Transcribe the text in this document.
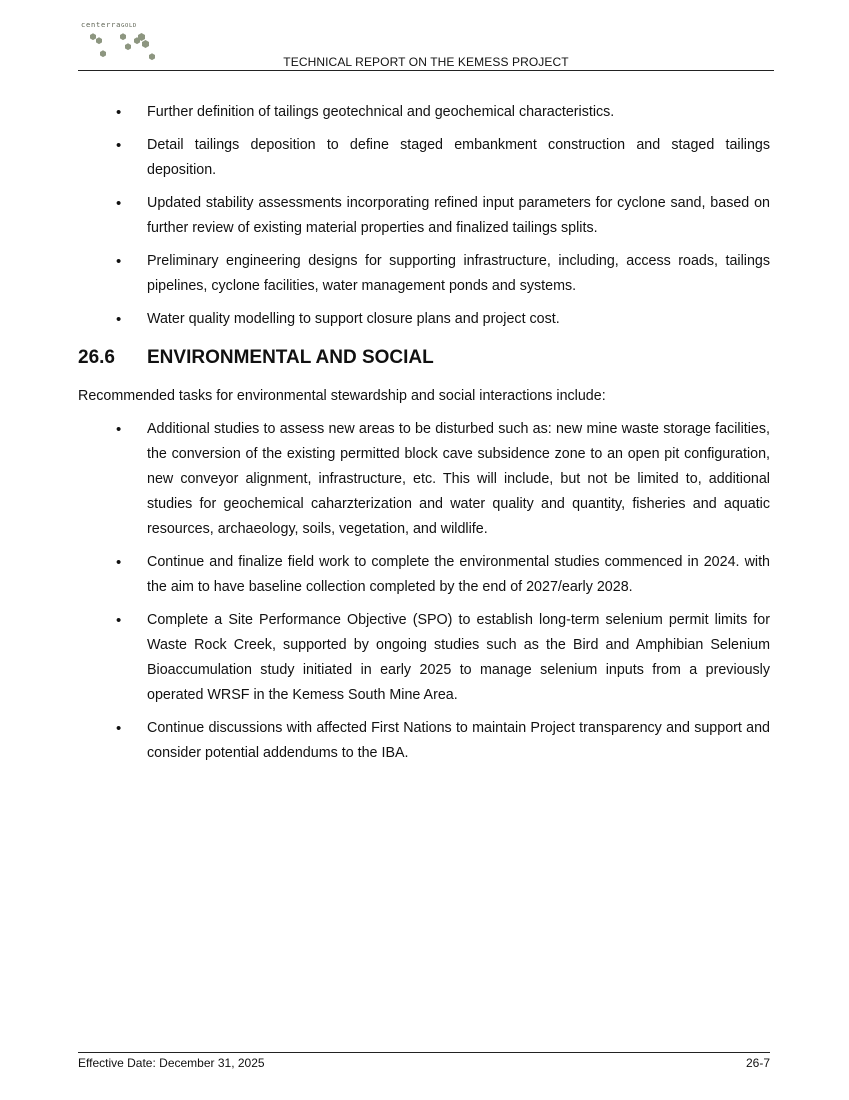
centerraGOLD
TECHNICAL REPORT ON THE KEMESS PROJECT
• Further definition of tailings geotechnical and geochemical characteristics.
• Detail tailings deposition to define staged embankment construction and staged tailings deposition.
• Updated stability assessments incorporating refined input parameters for cyclone sand, based on further review of existing material properties and finalized tailings splits.
• Preliminary engineering designs for supporting infrastructure, including, access roads, tailings pipelines, cyclone facilities, water management ponds and systems.
• Water quality modelling to support closure plans and project cost.
26.6 ENVIRONMENTAL AND SOCIAL

Recommended tasks for environmental stewardship and social interactions include:

• Additional studies to assess new areas to be disturbed such as: new mine waste storage facilities, the conversion of the existing permitted block cave subsidence zone to an open pit configuration, new conveyor alignment, infrastructure, etc. This will include, but not be limited to, additional studies for geochemical caharzterization and water quality and quantity, fisheries and aquatic resources, archaeology, soils, vegetation, and wildlife.
• Continue and finalize field work to complete the environmental studies commenced in 2024. with the aim to have baseline collection completed by the end of 2027/early 2028.
• Complete a Site Performance Objective (SPO) to establish long-term selenium permit limits for Waste Rock Creek, supported by ongoing studies such as the Bird and Amphibian Selenium Bioaccumulation study initiated in early 2025 to manage selenium inputs from a previously operated WRSF in the Kemess South Mine Area.
• Continue discussions with affected First Nations to maintain Project transparency and support and consider potential addendums to the IBA.
Effective Date: December 31, 2025	26-7
